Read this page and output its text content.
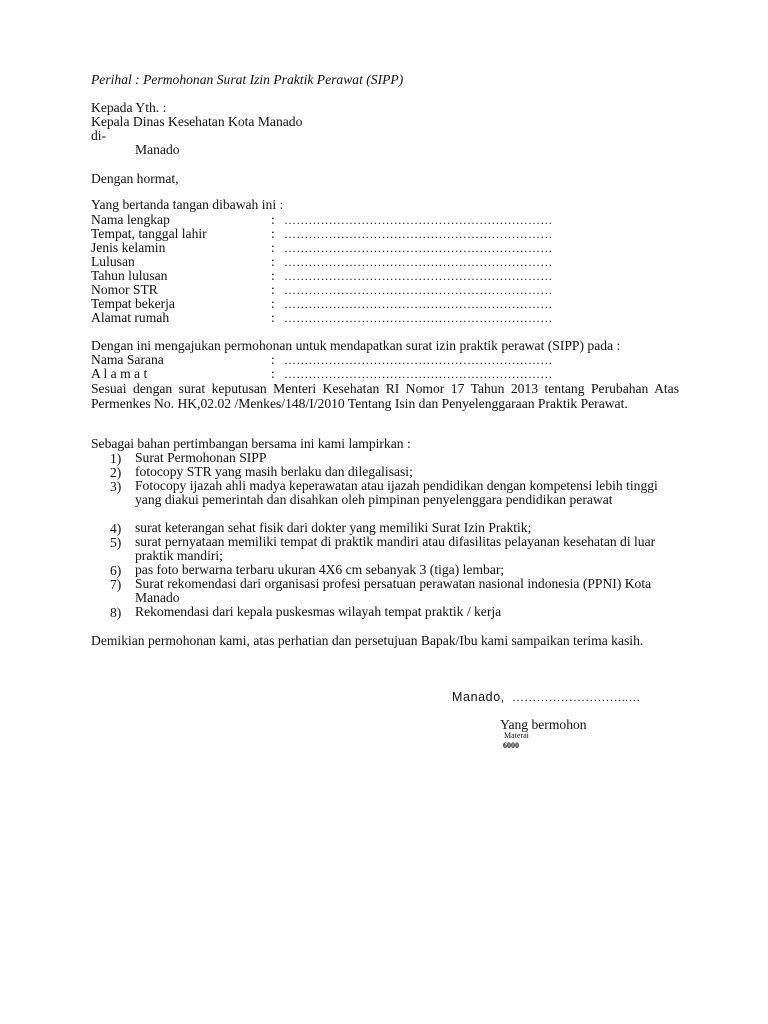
Perihal : Permohonan Surat Izin Praktik Perawat (SIPP)
Kepada Yth. :
Kepala Dinas Kesehatan Kota Manado
di-
Manado
Dengan hormat,
Yang bertanda tangan dibawah ini :
Nama lengkap	: …………………………………………………………
Tempat, tanggal lahir	: …………………………………………………………
Jenis kelamin	: …………………………………………………………
Lulusan	: …………………………………………………………
Tahun lulusan	: …………………………………………………………
Nomor STR	: …………………………………………………………
Tempat bekerja	: …………………………………………………………
Alamat rumah	: …………………………………………………………
Dengan ini mengajukan permohonan untuk mendapatkan surat izin praktik perawat (SIPP) pada :
Nama Sarana	: …………………………………………………………
A l a m a t	: …………………………………………………………
Sesuai dengan surat keputusan Menteri Kesehatan RI Nomor 17 Tahun 2013 tentang Perubahan Atas Permenkes No. HK,02.02 /Menkes/148/I/2010 Tentang Isin dan Penyelenggaraan Praktik Perawat.
Sebagai bahan pertimbangan bersama ini kami lampirkan :
1) Surat Permohonan SIPP
2) fotocopy STR yang masih berlaku dan dilegalisasi;
3) Fotocopy ijazah ahli madya keperawatan atau ijazah pendidikan dengan kompetensi lebih tinggi yang diakui pemerintah dan disahkan oleh pimpinan penyelenggara pendidikan perawat
4) surat keterangan sehat fisik dari dokter yang memiliki Surat Izin Praktik;
5) surat pernyataan memiliki tempat di praktik mandiri atau difasilitas pelayanan kesehatan di luar praktik mandiri;
6) pas foto berwarna terbaru ukuran 4X6 cm sebanyak 3 (tiga) lembar;
7) Surat rekomendasi dari organisasi profesi persatuan perawatan nasional indonesia (PPNI) Kota Manado
8) Rekomendasi dari kepala puskesmas wilayah tempat praktik / kerja
Demikian permohonan kami, atas perhatian dan persetujuan Bapak/Ibu kami sampaikan terima kasih.
Manado, ………………………..…
Yang bermohon
Materai
6000
